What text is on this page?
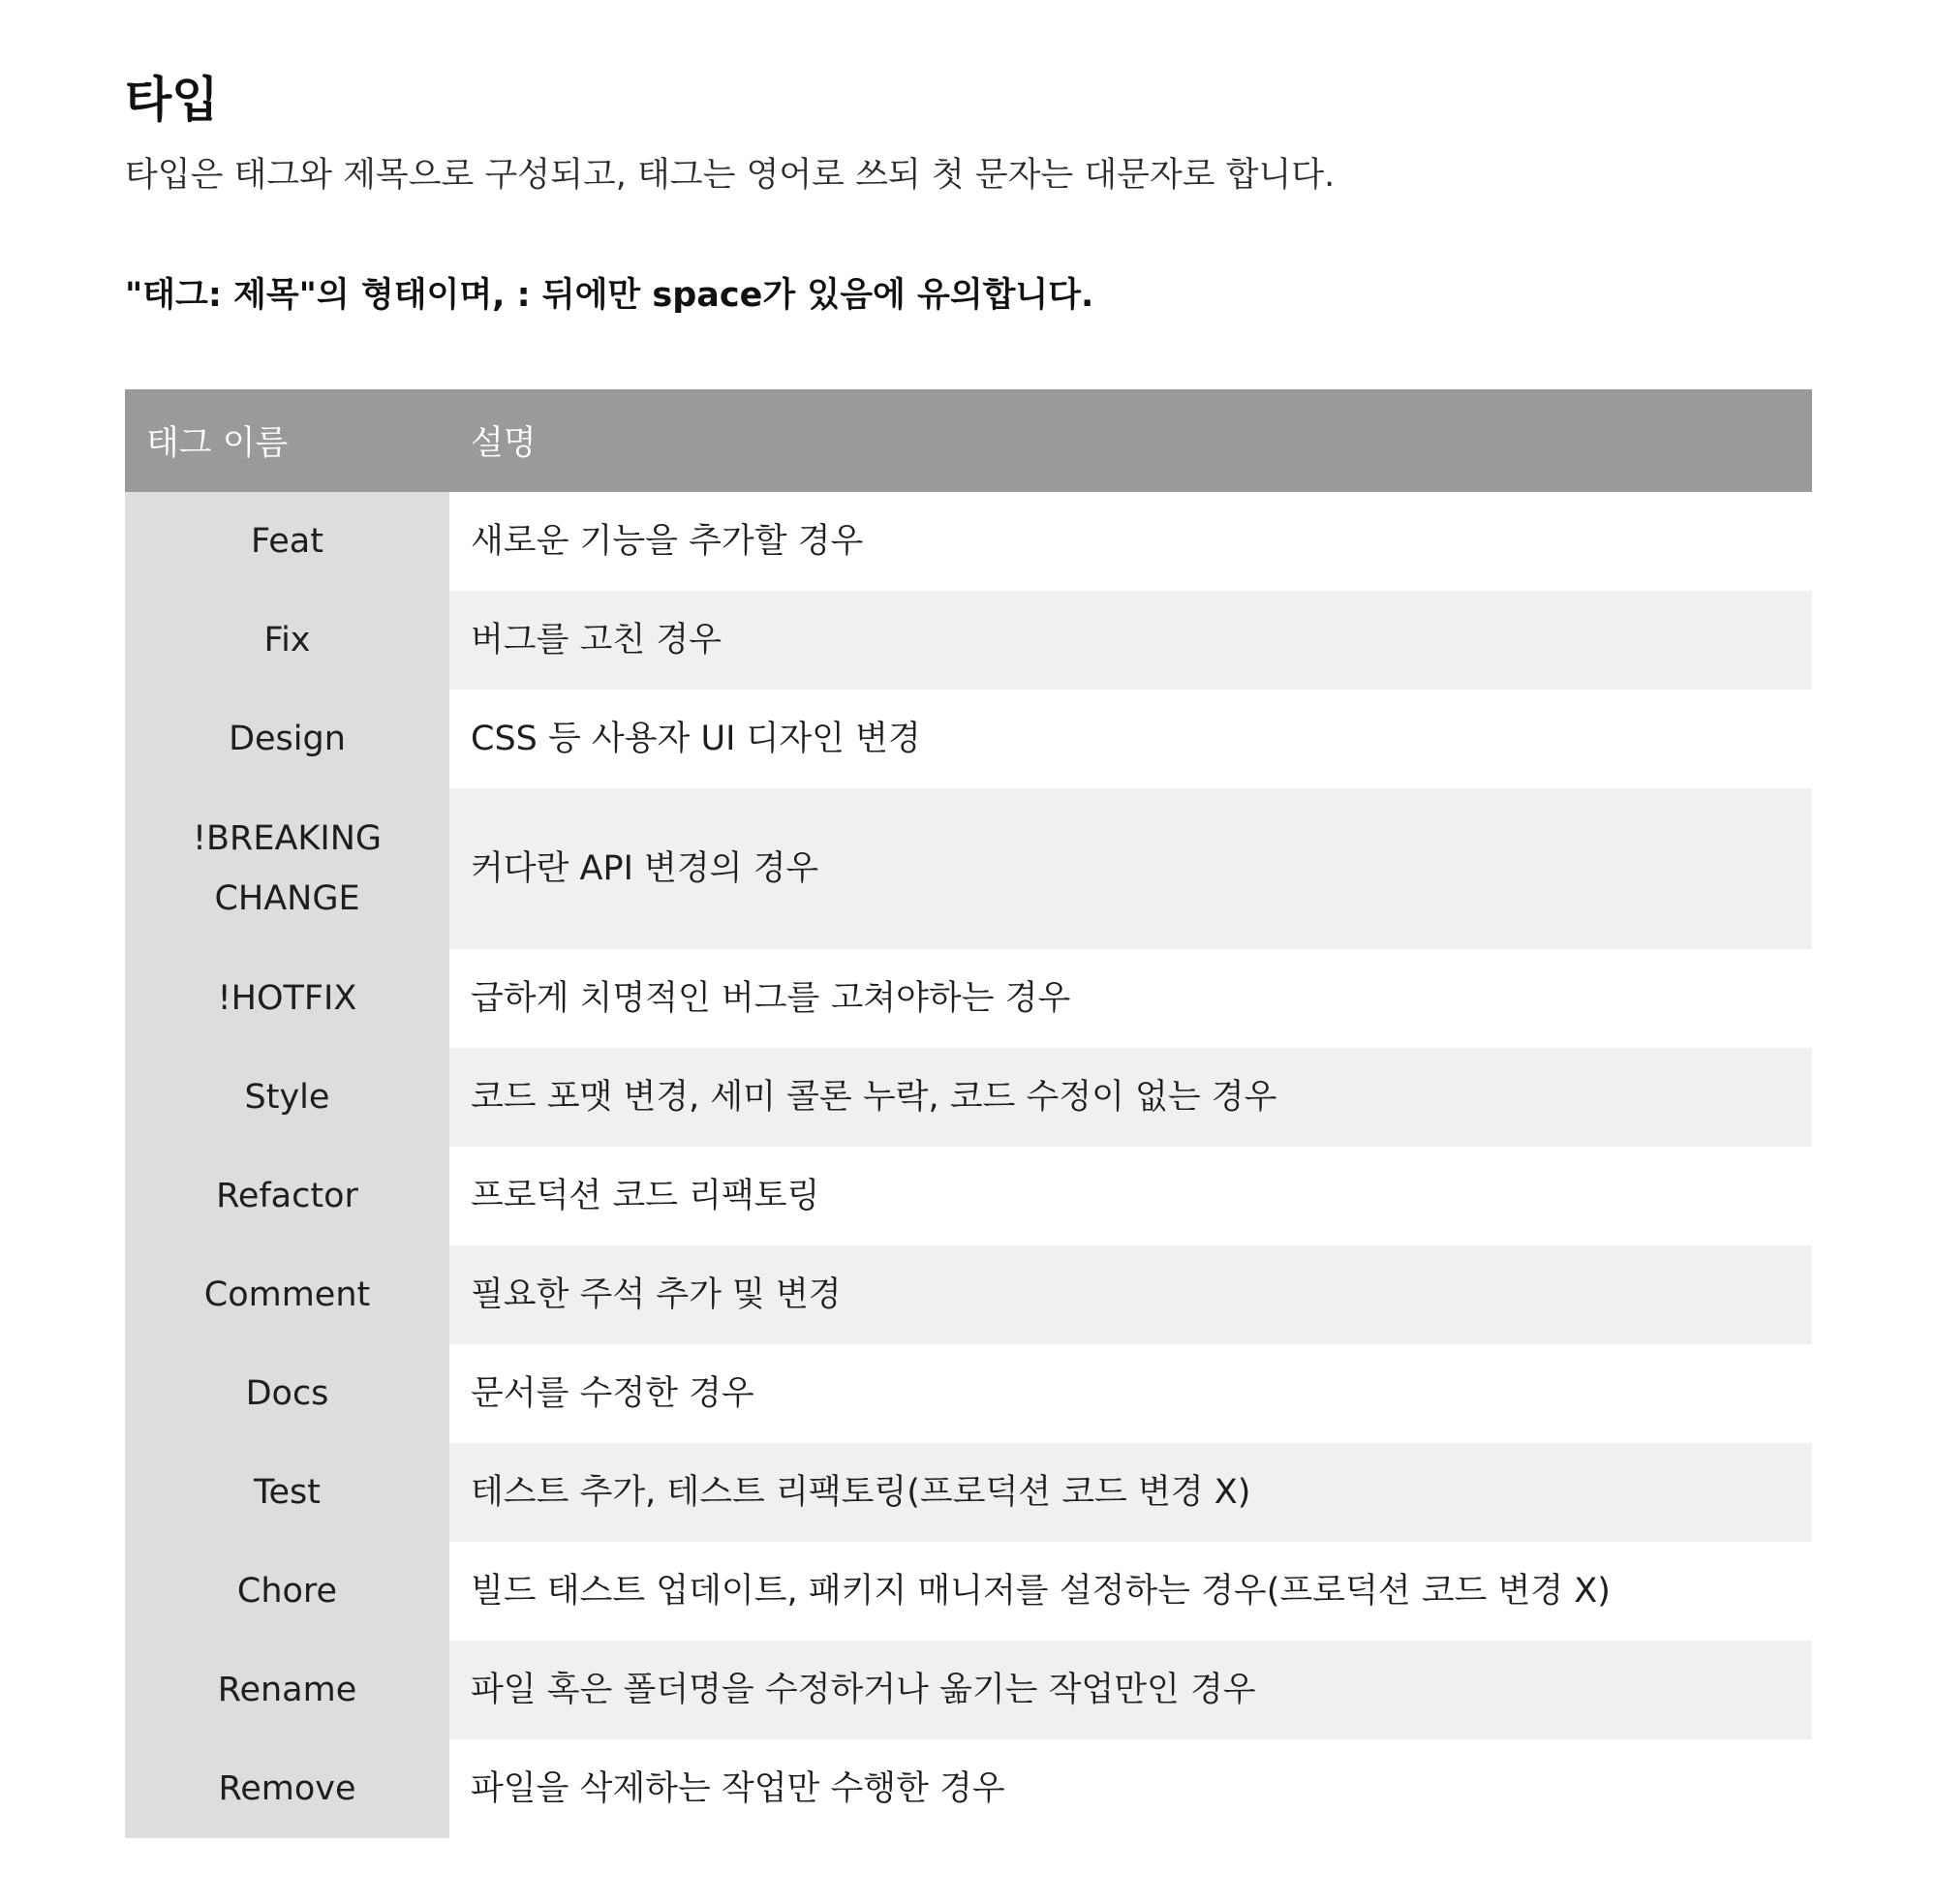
타입

타입은 태그와 제목으로 구성되고, 태그는 영어로 쓰되 첫 문자는 대문자로 합니다.

"태그: 제목"의 형태이며, : 뒤에만 space가 있음에 유의합니다.

태그 이름	설명
Feat	새로운 기능을 추가할 경우
Fix	버그를 고친 경우
Design	CSS 등 사용자 UI 디자인 변경
!BREAKING CHANGE	커다란 API 변경의 경우
!HOTFIX	급하게 치명적인 버그를 고쳐야하는 경우
Style	코드 포맷 변경, 세미 콜론 누락, 코드 수정이 없는 경우
Refactor	프로덕션 코드 리팩토링
Comment	필요한 주석 추가 및 변경
Docs	문서를 수정한 경우
Test	테스트 추가, 테스트 리팩토링(프로덕션 코드 변경 X)
Chore	빌드 태스트 업데이트, 패키지 매니저를 설정하는 경우(프로덕션 코드 변경 X)
Rename	파일 혹은 폴더명을 수정하거나 옮기는 작업만인 경우
Remove	파일을 삭제하는 작업만 수행한 경우
